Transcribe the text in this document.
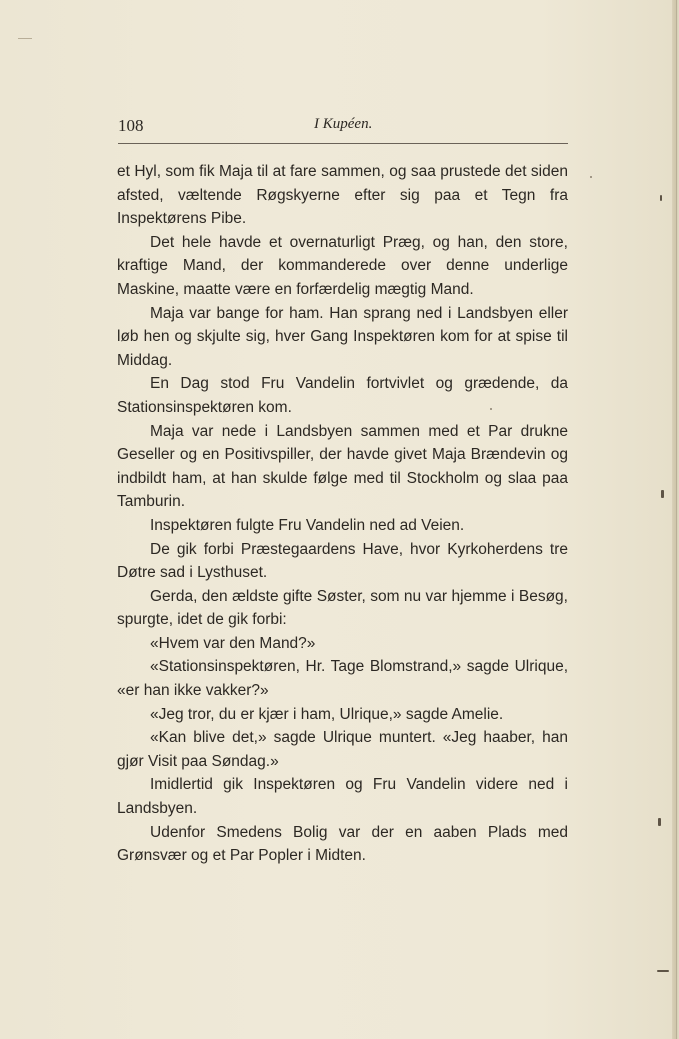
108	I Kupéen.

et Hyl, som fik Maja til at fare sammen, og saa prustede det siden afsted, væltende Røgskyerne efter sig paa et Tegn fra Inspektørens Pibe.

Det hele havde et overnaturligt Præg, og han, den store, kraftige Mand, der kommanderede over denne underlige Maskine, maatte være en forfærdelig mægtig Mand.

Maja var bange for ham. Han sprang ned i Landsbyen eller løb hen og skjulte sig, hver Gang Inspektøren kom for at spise til Middag.

En Dag stod Fru Vandelin fortvivlet og grædende, da Stationsinspektøren kom.

Maja var nede i Landsbyen sammen med et Par drukne Geseller og en Positivspiller, der havde givet Maja Brændevin og indbildt ham, at han skulde følge med til Stockholm og slaa paa Tamburin.

Inspektøren fulgte Fru Vandelin ned ad Veien.

De gik forbi Præstegaardens Have, hvor Kyrkoherdens tre Døtre sad i Lysthuset.

Gerda, den ældste gifte Søster, som nu var hjemme i Besøg, spurgte, idet de gik forbi:

«Hvem var den Mand?»

«Stationsinspektøren, Hr. Tage Blomstrand,» sagde Ulrique, «er han ikke vakker?»

«Jeg tror, du er kjær i ham, Ulrique,» sagde Amelie.

«Kan blive det,» sagde Ulrique muntert. «Jeg haaber, han gjør Visit paa Søndag.»

Imidlertid gik Inspektøren og Fru Vandelin videre ned i Landsbyen.

Udenfor Smedens Bolig var der en aaben Plads med Grønsvær og et Par Popler i Midten.
